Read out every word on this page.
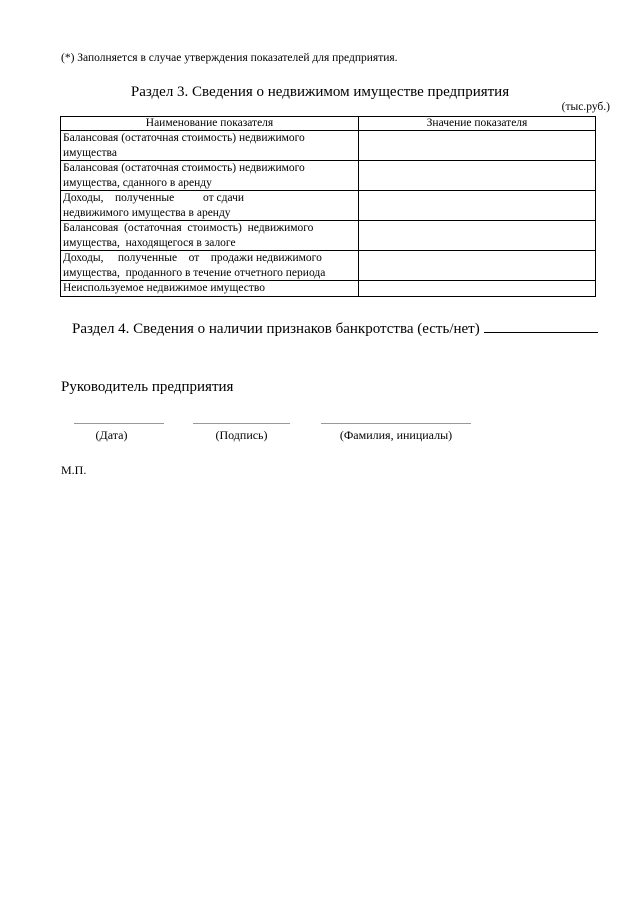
(*) Заполняется в случае утверждения показателей для предприятия.
Раздел 3. Сведения о недвижимом имуществе предприятия
(тыс.руб.)
Наименование показателя	Значение показателя

Балансовая (остаточная стоимость) недвижимого
имущества	

Балансовая (остаточная стоимость) недвижимого
имущества, сданного в аренду	

Доходы,    полученные          от сдачи
недвижимого имущества в аренду	

Балансовая  (остаточная  стоимость)  недвижимого
имущества,  находящегося в залоге	

Доходы,     полученные    от    продажи недвижимого
имущества,  проданного в течение отчетного периода	

Неиспользуемое недвижимое имущество	

Раздел 4. Сведения о наличии признаков банкротства (есть/нет)
Руководитель предприятия
(Дата)	(Подпись)	(Фамилия, инициалы)
М.П.
